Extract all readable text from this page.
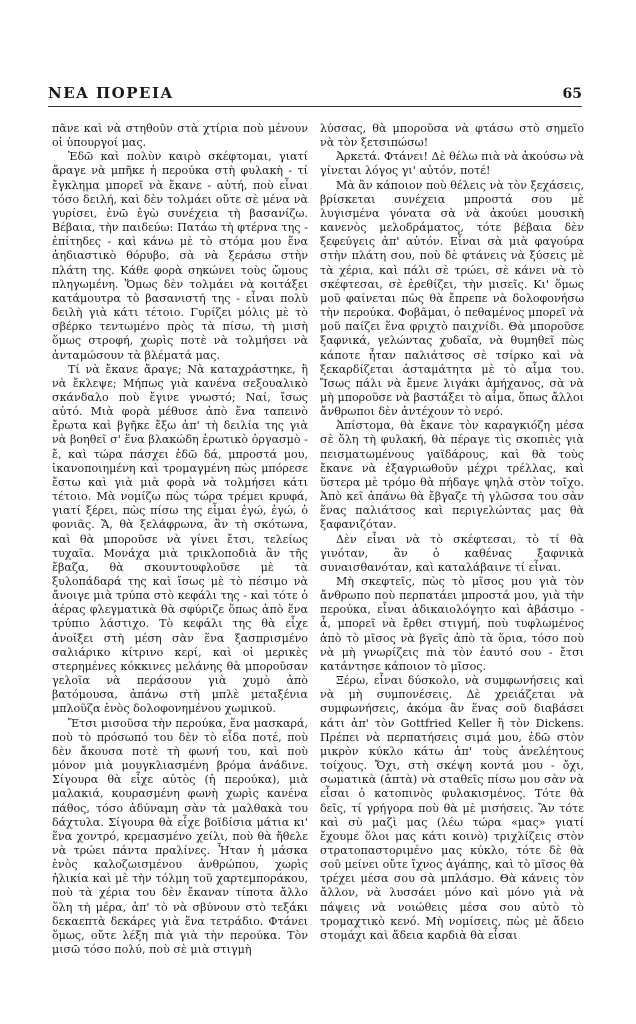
ΝΕΑ ΠΟΡΕΙΑ	65

πᾶνε καὶ νὰ στηθοῦν στὰ χτίρια ποὺ μένουν οἱ ὑπουργοί μας.

Ἐδῶ καὶ πολὺν καιρὸ σκέφτομαι, γιατί ἄραγε νὰ μπῆκε ἡ περούκα στὴ φυλακὴ - τί ἔγκλημα μπορεῖ νὰ ἔκανε - αὐτή, ποὺ εἶναι τόσο δειλή, καὶ δὲν τολμάει οὔτε σὲ μένα νὰ γυρίσει, ἐνῶ ἐγὼ συνέχεια τὴ βασανίζω. Βέβαια, τὴν παιδεύω: Πατάω τὴ φτέρνα της - ἐπίτηδες - καὶ κάνω μὲ τὸ στόμα μου ἕνα ἀηδιαστικὸ θόρυβο, σὰ νὰ ξεράσω στὴν πλάτη της. Κάθε φορὰ σηκώνει τοὺς ὤμους πληγωμένη. Ὅμως δὲν τολμάει νὰ κοιτάξει κατάμουτρα τὸ βασανιστή της - εἶναι πολὺ δειλὴ γιὰ κάτι τέτοιο. Γυρίζει μόλις μὲ τὸ σβέρκο τεντωμένο πρὸς τὰ πίσω, τὴ μισὴ ὅμως στροφή, χωρὶς ποτὲ νὰ τολμήσει νὰ ἀνταμώσουν τὰ βλέματά μας.

Τί νὰ ἔκανε ἄραγε; Νὰ καταχράστηκε, ἢ νὰ ἔκλεψε; Μήπως γιὰ κανένα σεξουαλικὸ σκάνδαλο ποὺ ἔγινε γνωστό; Ναί, ἴσως αὐτό. Μιὰ φορὰ μέθυσε ἀπὸ ἕνα ταπεινὸ ἔρωτα καὶ βγῆκε ἔξω ἀπ' τὴ δειλία της γιὰ νὰ βοηθεῖ σ' ἕνα βλακώδη ἐρωτικὸ ὀργασμὸ - ἔ, καὶ τώρα πάσχει ἐδῶ δά, μπροστά μου, ἱκανοποιημένη καὶ τρομαγμένη πὼς μπόρεσε ἔστω καὶ γιὰ μιὰ φορὰ νὰ τολμήσει κάτι τέτοιο. Μὰ νομίζω πὼς τώρα τρέμει κρυφά, γιατί ξέρει, πὼς πίσω της εἶμαι ἐγώ, ἐγώ, ὁ φονιᾶς. Ἄ, θὰ ξελάφρωνα, ἂν τὴ σκότωνα, καὶ θὰ μποροῦσε νὰ γίνει ἔτσι, τελείως τυχαῖα. Μονάχα μιὰ τρικλοποδιὰ ἂν τῆς ἔβαζα, θὰ σκουντουφλοῦσε μὲ τὰ ξυλοπάδαρά της καὶ ἴσως μὲ τὸ πέσιμο νὰ ἄνοιγε μιὰ τρύπα στὸ κεφάλι της - καὶ τότε ὁ ἀέρας φλεγματικὰ θὰ σφύριζε ὅπως ἀπὸ ἕνα τρύπιο λάστιχο. Τὸ κεφάλι της θὰ εἶχε ἀνοίξει στὴ μέση σὰν ἕνα ξασπρισμένο σαλιάρικο κίτρινο κερί, καὶ οἱ μερικὲς στερημένες κόκκινες μελάνης θὰ μποροῦσαν γελοῖα νὰ περάσουν γιὰ χυμὸ ἀπὸ βατόμουσα, ἀπάνω στὴ μπλὲ μεταξένια μπλοῦζα ἑνὸς δολοφονημένου χωμικοῦ.

Ἔτσι μισοῦσα τὴν περούκα, ἕνα μασκαρά, ποὺ τὸ πρόσωπό του δὲν τὸ εἶδα ποτέ, ποὺ δὲν ἄκουσα ποτὲ τὴ φωνή του, καὶ ποὺ μόνον μιὰ μουγκλιασμένη βρόμα ἀνάδινε. Σίγουρα θὰ εἶχε αὐτὸς (ἡ περούκα), μιὰ μαλακιά, κουρασμένη φωνὴ χωρὶς κανένα πάθος, τόσο ἀδύναμη σὰν τὰ μαλθακὰ του δάχτυλα. Σίγουρα θὰ εἶχε βοϊδίσια μάτια κι' ἕνα χοντρό, κρεμασμένο χείλι, ποὺ θὰ ἤθελε νὰ τρώει πάντα πραλίνες. Ἦταν ἡ μάσκα ἑνὸς καλοζωισμένου ἀνθρώπου, χωρὶς ἡλικία καὶ μὲ τὴν τόλμη τοῦ χαρτεμποράκου, ποὺ τὰ χέρια του δὲν ἔκαναν τίποτα ἄλλο ὅλη τὴ μέρα, ἀπ' τὸ νὰ σβύνουν στὸ τεξάκι δεκαεπτὰ δεκάρες γιὰ ἕνα τετράδιο. Φτάνει ὅμως, οὔτε λέξη πιὰ γιὰ τὴν περούκα. Τὸν μισῶ τόσο πολύ, ποὺ σὲ μιὰ στιγμὴ

λύσσας, θὰ μποροῦσα νὰ φτάσω στὸ σημεῖο νὰ τὸν ξετσιπώσω!

Ἀρκετά. Φτάνει! Δὲ θέλω πιὰ νὰ ἀκούσω νὰ γίνεται λόγος γι' αὐτόν, ποτέ!

Μὰ ἂν κάποιον ποὺ θέλεις νὰ τὸν ξεχάσεις, βρίσκεται συνέχεια μπροστά σου μὲ λυγισμένα γόνατα σὰ νὰ ἀκούει μουσικὴ κανενὸς μελοδράματος, τότε βέβαια δὲν ξεφεύγεις ἀπ' αὐτόν. Εἶναι σὰ μιὰ φαγούρα στὴν πλάτη σου, ποὺ δὲ φτάνεις νὰ ξύσεις μὲ τὰ χέρια, καὶ πάλι σὲ τρώει, σὲ κάνει νὰ τὸ σκέφτεσαι, σὲ ἐρεθίζει, τὴν μισεῖς. Κι' ὅμως μοῦ φαίνεται πὼς θὰ ἔπρεπε νὰ δολοφονήσω τὴν περούκα. Φοβᾶμαι, ὁ πεθαμένος μπορεῖ νὰ μοῦ παίζει ἕνα φριχτὸ παιχνίδι. Θὰ μποροῦσε ξαφνικά, γελώντας χυδαῖα, νὰ θυμηθεῖ πὼς κάποτε ἦταν παλιάτσος σὲ τσίρκο καὶ νὰ ξεκαρδίζεται ἀσταμάτητα μὲ τὸ αἷμα του. Ἴσως πάλι νὰ ἔμενε λιγάκι ἀμήχανος, σὰ νὰ μὴ μποροῦσε νὰ βαστάξει τὸ αἷμα, ὅπως ἄλλοι ἄνθρωποι δὲν ἀντέχουν τὸ νερό.

Ἀπίστομα, θὰ ἔκανε τὸν καραγκιόζη μέσα σὲ ὅλη τὴ φυλακή, θὰ πέραγε τὶς σκοπιὲς γιὰ πεισματωμένους γαϊδάρους, καὶ θὰ τοὺς ἔκανε νὰ ἐξαγριωθοῦν μέχρι τρέλλας, καὶ ὕστερα μὲ τρόμο θὰ πήδαγε ψηλὰ στὸν τοῖχο. Ἀπὸ κεῖ ἀπάνω θὰ ἔβγαζε τὴ γλῶσσα του σὰν ἕνας παλιάτσος καὶ περιγελώντας μας θὰ ξαφανιζόταν.

Δὲν εἶναι νὰ τὸ σκέφτεσαι, τὸ τί θὰ γινόταν, ἂν ὁ καθένας ξαφνικὰ συναισθανόταν, καὶ καταλάβαινε τί εἶναι.

Μὴ σκεφτεῖς, πὼς τὸ μῖσος μου γιὰ τὸν ἄνθρωπο ποὺ περπατάει μπροστά μου, γιὰ τὴν περούκα, εἶναι ἀδικαιολόγητο καὶ ἀβάσιμο - ἆ, μπορεῖ νὰ ἔρθει στιγμή, ποὺ τυφλωμένος ἀπὸ τὸ μῖσος νὰ βγεῖς ἀπὸ τὰ ὅρια, τόσο ποὺ νὰ μὴ γνωρίζεις πιὰ τὸν ἑαυτό σου - ἔτσι κατάντησε κάποιον τὸ μῖσος.

Ξέρω, εἶναι δύσκολο, νὰ συμφωνήσεις καὶ νὰ μὴ συμπονέσεις. Δὲ χρειάζεται νὰ συμφωνήσεις, ἀκόμα ἂν ἕνας σοῦ διαβάσει κάτι ἀπ' τὸν Gottfried Keller ἢ τὸν Dickens. Πρέπει νὰ περπατήσεις σιμά μου, ἐδῶ στὸν μικρὸν κύκλο κάτω ἀπ' τοὺς ἀνελέητους τοίχους. Ὄχι, στὴ σκέψη κοντά μου - ὄχι, σωματικὰ (ἀπτὰ) νὰ σταθεῖς πίσω μου σὰν νὰ εἶσαι ὁ κατοπινὸς φυλακισμένος. Τότε θὰ δεῖς, τί γρήγορα ποὺ θὰ μὲ μισήσεις. Ἂν τότε καὶ σὺ μαζὶ μας (λέω τώρα «μας» γιατί ἔχουμε ὅλοι μας κάτι κοινὸ) τριχλίζεις στὸν στρατοπαστοριμένο μας κύκλο, τότε δὲ θὰ σοῦ μείνει οὔτε ἴχνος ἀγάπης, καὶ τὸ μῖσος θὰ τρέχει μέσα σου σὰ μπλάσμο. Θὰ κάνεις τὸν ἄλλον, νὰ λυσσάει μόνο καὶ μόνο γιὰ νὰ πάψεις νὰ νοιώθεις μέσα σου αὐτὸ τὸ τρομαχτικὸ κενό. Μὴ νομίσεις, πὼς μὲ ἄδειο στομάχι καὶ ἄδεια καρδιὰ θὰ εἶσαι
